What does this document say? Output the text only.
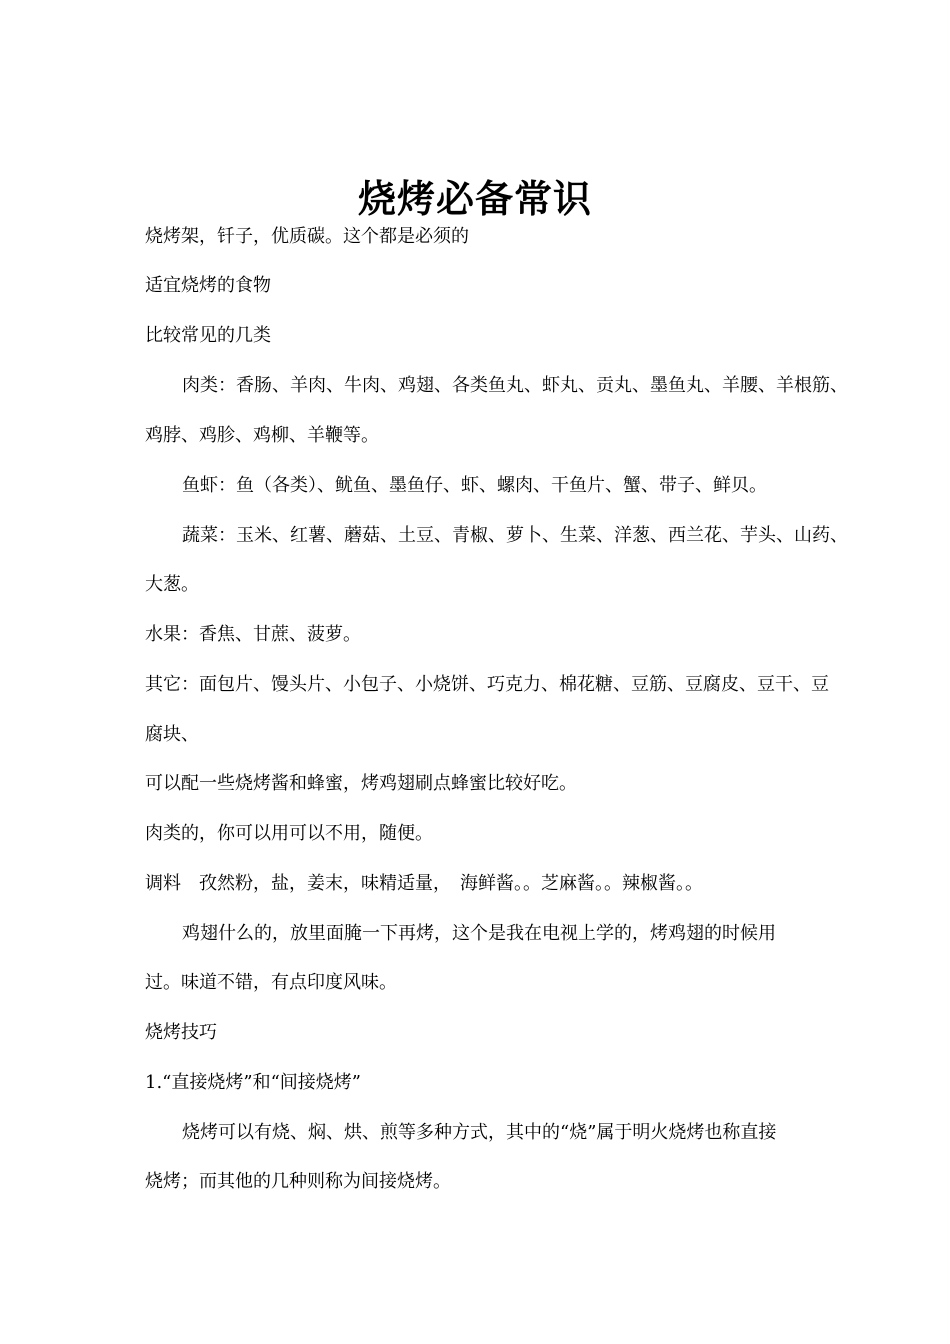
烧烤必备常识

烧烤架，钎子，优质碳。这个都是必须的

适宜烧烤的食物

比较常见的几类

肉类：香肠、羊肉、牛肉、鸡翅、各类鱼丸、虾丸、贡丸、墨鱼丸、羊腰、羊根筋、

鸡脖、鸡胗、鸡柳、羊鞭等。

鱼虾：鱼（各类）、鱿鱼、墨鱼仔、虾、螺肉、干鱼片、蟹、带子、鲜贝。

蔬菜：玉米、红薯、蘑菇、土豆、青椒、萝卜、生菜、洋葱、西兰花、芋头、山药、

大葱。

水果：香焦、甘蔗、菠萝。

其它：面包片、馒头片、小包子、小烧饼、巧克力、棉花糖、豆筋、豆腐皮、豆干、豆

腐块、

可以配一些烧烤酱和蜂蜜，烤鸡翅刷点蜂蜜比较好吃。

肉类的，你可以用可以不用，随便。

调料　孜然粉，盐，姜末，味精适量，　海鲜酱。。芝麻酱。。辣椒酱。。

鸡翅什么的，放里面腌一下再烤，这个是我在电视上学的，烤鸡翅的时候用

过。味道不错，有点印度风味。

烧烤技巧

1.“直接烧烤”和“间接烧烤”

烧烤可以有烧、焖、烘、煎等多种方式，其中的“烧”属于明火烧烤也称直接

烧烤；而其他的几种则称为间接烧烤。
